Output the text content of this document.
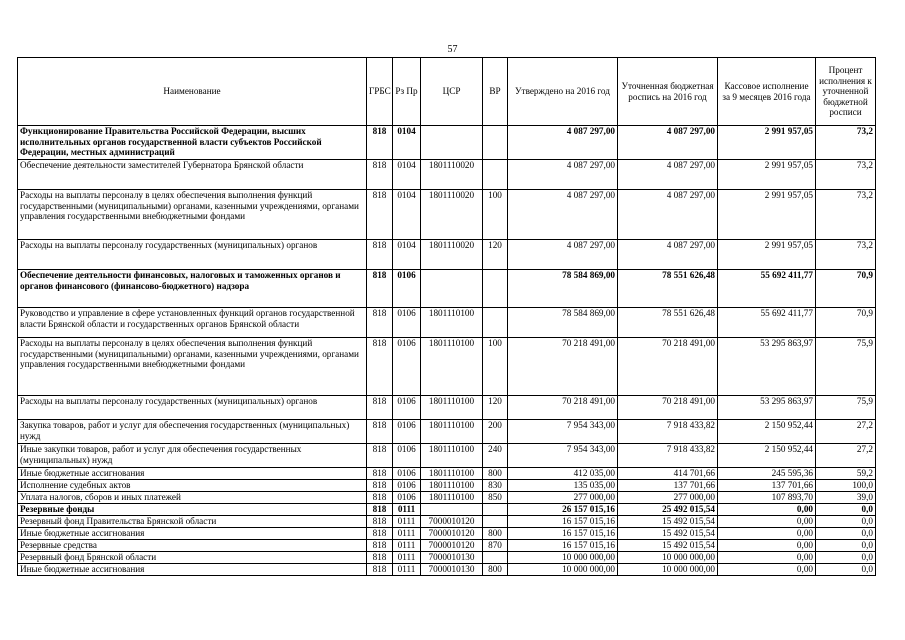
57
Наименование	ГРБС	Рз Пр	ЦСР	ВР	Утверждено на 2016 год	Уточненная бюджетная роспись на 2016 год	Кассовое исполнение за 9 месяцев 2016 года	Процент исполнения к уточненной бюджетной росписи
Функционирование Правительства Российской Федерации, высших исполнительных органов государственной власти субъектов Российской Федерации, местных администраций	818	0104			4 087 297,00	4 087 297,00	2 991 957,05	73,2
Обеспечение деятельности заместителей Губернатора Брянской области	818	0104	1801110020		4 087 297,00	4 087 297,00	2 991 957,05	73,2
Расходы на выплаты персоналу в целях обеспечения выполнения функций государственными (муниципальными) органами, казенными учреждениями, органами управления государственными внебюджетными фондами	818	0104	1801110020	100	4 087 297,00	4 087 297,00	2 991 957,05	73,2
Расходы на выплаты персоналу государственных (муниципальных) органов	818	0104	1801110020	120	4 087 297,00	4 087 297,00	2 991 957,05	73,2
Обеспечение деятельности финансовых, налоговых и таможенных органов и органов финансового (финансово-бюджетного) надзора	818	0106			78 584 869,00	78 551 626,48	55 692 411,77	70,9
Руководство и управление в сфере установленных функций органов государственной власти Брянской области и государственных органов Брянской области	818	0106	1801110100		78 584 869,00	78 551 626,48	55 692 411,77	70,9
Расходы на выплаты персоналу в целях обеспечения выполнения функций государственными (муниципальными) органами, казенными учреждениями, органами управления государственными внебюджетными фондами	818	0106	1801110100	100	70 218 491,00	70 218 491,00	53 295 863,97	75,9
Расходы на выплаты персоналу государственных (муниципальных) органов	818	0106	1801110100	120	70 218 491,00	70 218 491,00	53 295 863,97	75,9
Закупка товаров, работ и услуг для обеспечения государственных (муниципальных) нужд	818	0106	1801110100	200	7 954 343,00	7 918 433,82	2 150 952,44	27,2
Иные закупки товаров, работ и услуг для обеспечения государственных (муниципальных) нужд	818	0106	1801110100	240	7 954 343,00	7 918 433,82	2 150 952,44	27,2
Иные бюджетные ассигнования	818	0106	1801110100	800	412 035,00	414 701,66	245 595,36	59,2
Исполнение судебных актов	818	0106	1801110100	830	135 035,00	137 701,66	137 701,66	100,0
Уплата налогов, сборов и иных платежей	818	0106	1801110100	850	277 000,00	277 000,00	107 893,70	39,0
Резервные фонды	818	0111			26 157 015,16	25 492 015,54	0,00	0,0
Резервный фонд Правительства Брянской области	818	0111	7000010120		16 157 015,16	15 492 015,54	0,00	0,0
Иные бюджетные ассигнования	818	0111	7000010120	800	16 157 015,16	15 492 015,54	0,00	0,0
Резервные средства	818	0111	7000010120	870	16 157 015,16	15 492 015,54	0,00	0,0
Резервный фонд Брянской области	818	0111	7000010130		10 000 000,00	10 000 000,00	0,00	0,0
Иные бюджетные ассигнования	818	0111	7000010130	800	10 000 000,00	10 000 000,00	0,00	0,0
